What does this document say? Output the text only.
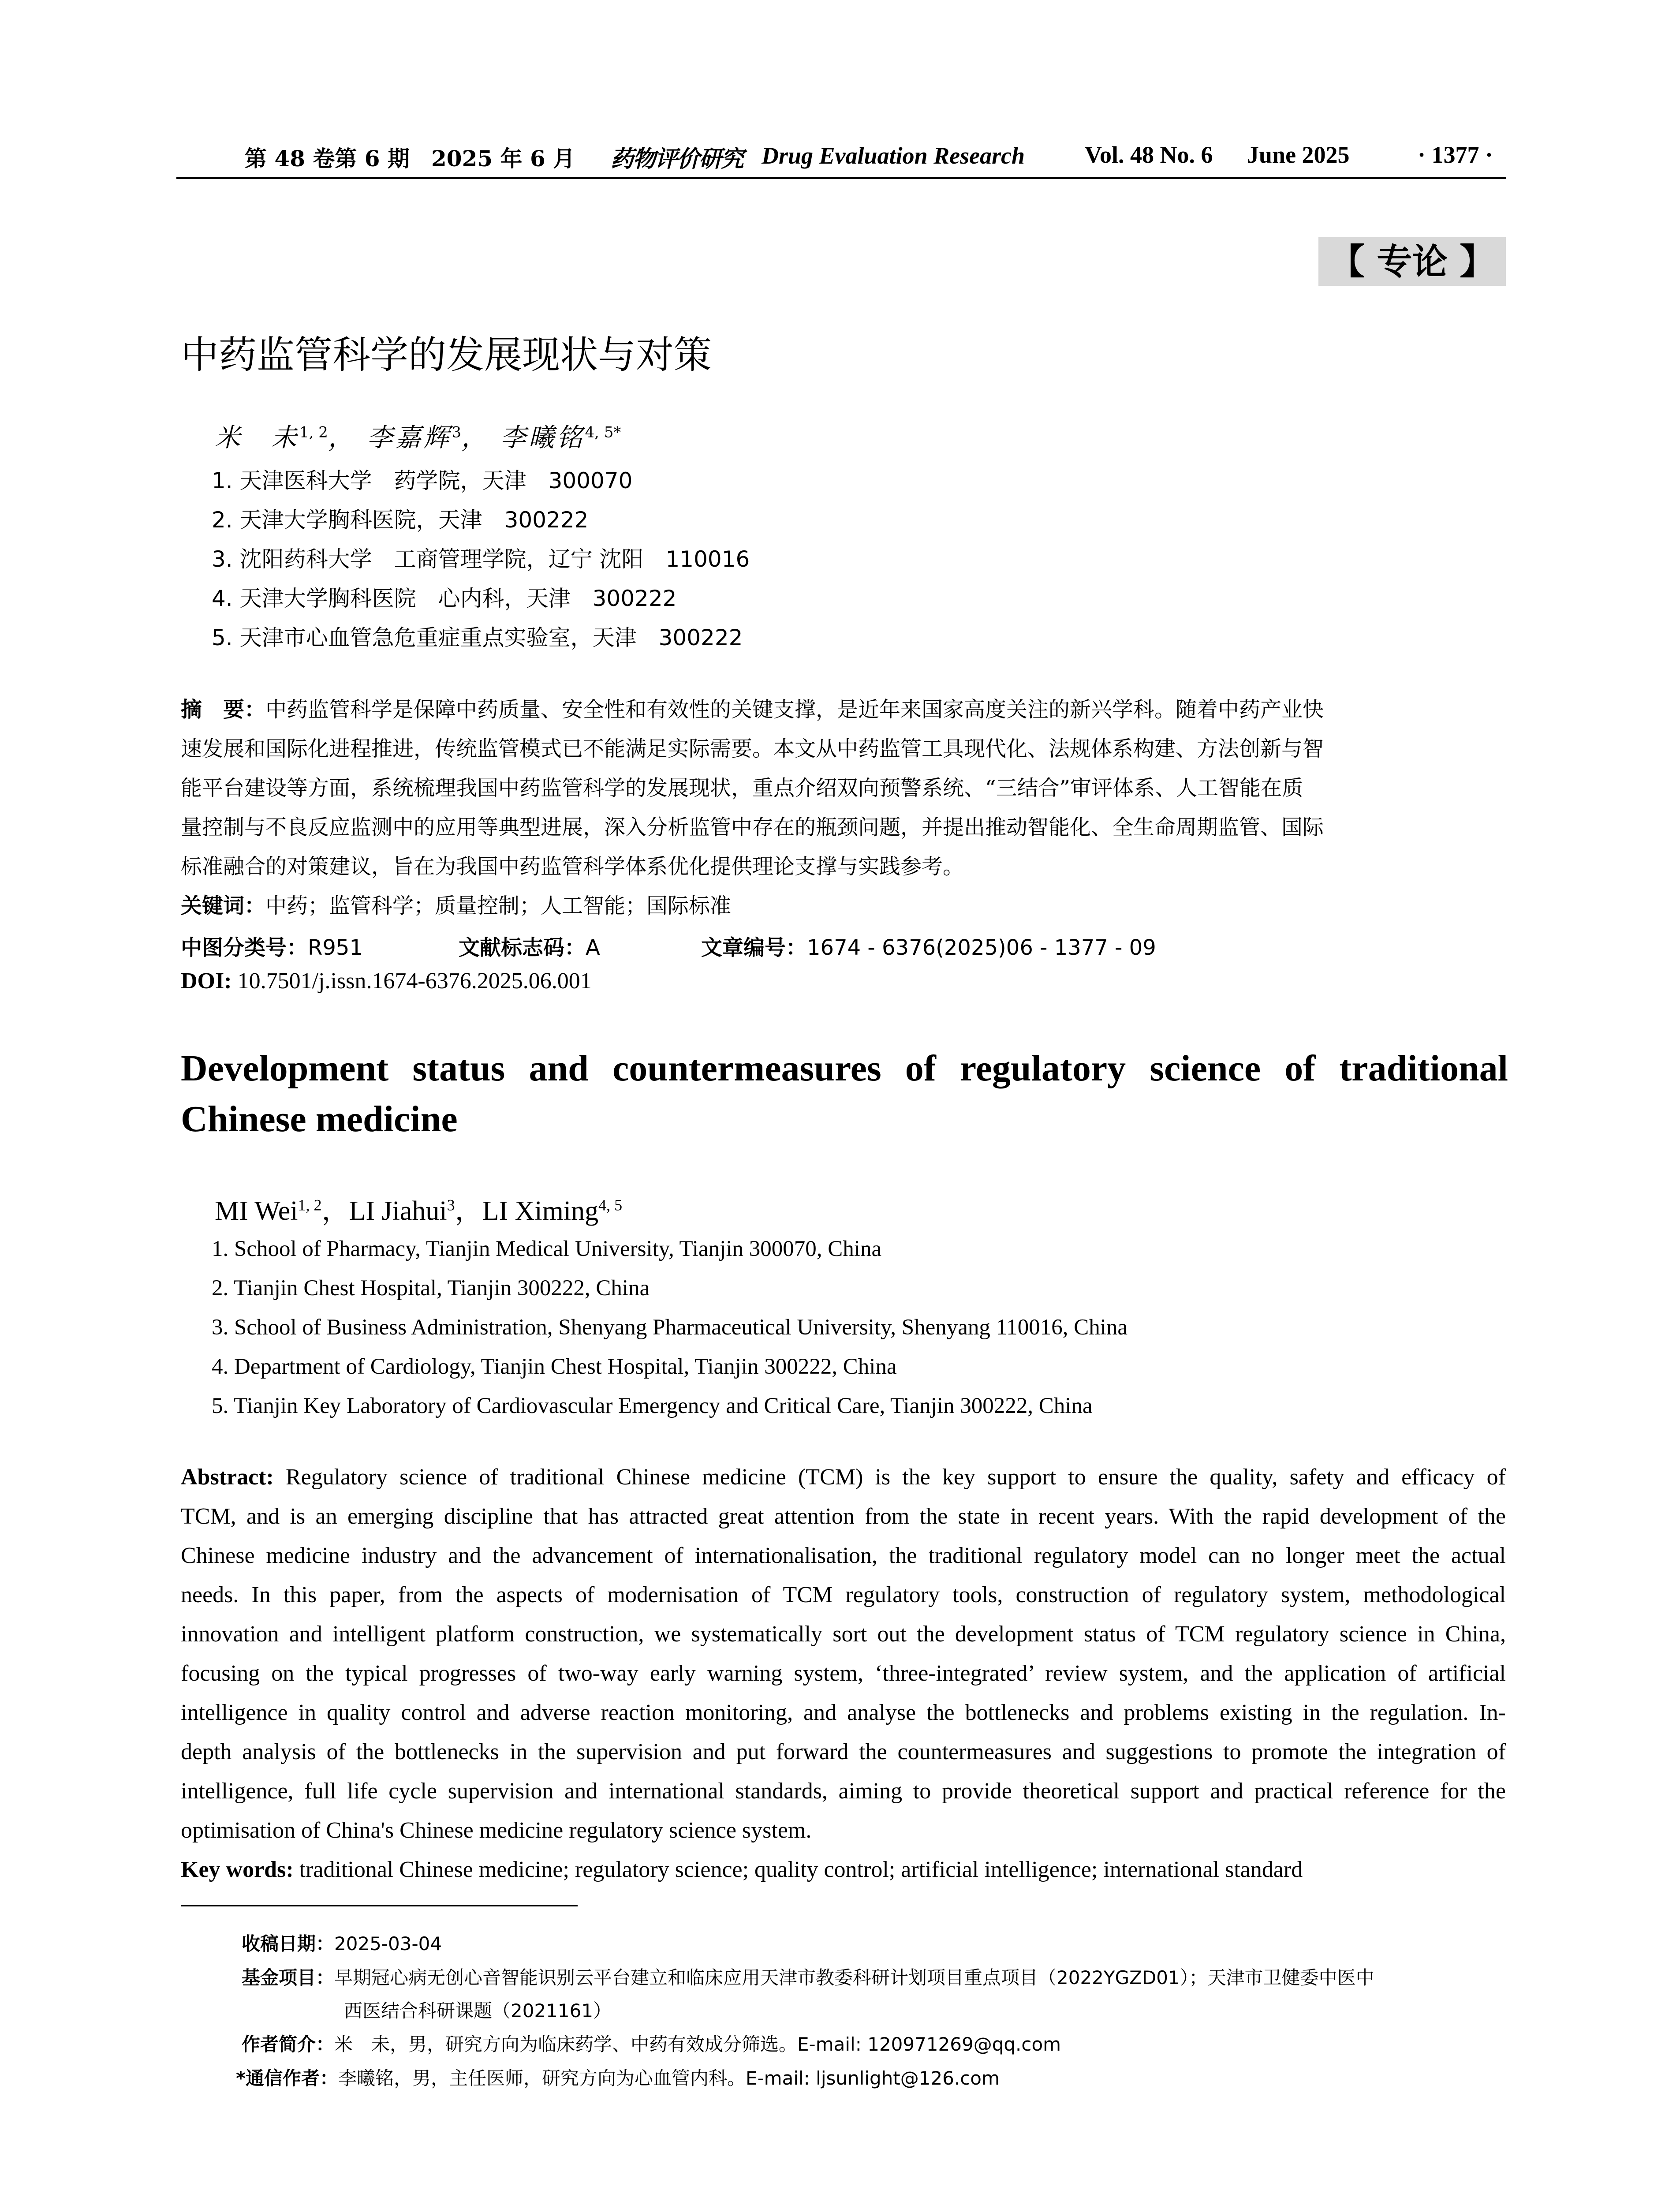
第 48 卷第 6 期 2025 年 6 月 药物评价研究 Drug Evaluation Research	Vol. 48 No. 6 June 2025	· 1377 ·
【 专论 】
中药监管科学的发展现状与对策
米　未$^{1, 2}$， 李嘉辉$^3$， 李曦铭$^{4, 5*}$
1. 天津医科大学　药学院，天津　300070
2. 天津大学胸科医院，天津　300222
3. 沈阳药科大学　工商管理学院，辽宁 沈阳　110016
4. 天津大学胸科医院　心内科，天津　300222
5. 天津市心血管急危重症重点实验室，天津　300222
摘　要：中药监管科学是保障中药质量、安全性和有效性的关键支撑，是近年来国家高度关注的新兴学科。随着中药产业快
速发展和国际化进程推进，传统监管模式已不能满足实际需要。本文从中药监管工具现代化、法规体系构建、方法创新与智
能平台建设等方面，系统梳理我国中药监管科学的发展现状，重点介绍双向预警系统、“三结合”审评体系、人工智能在质
量控制与不良反应监测中的应用等典型进展，深入分析监管中存在的瓶颈问题，并提出推动智能化、全生命周期监管、国际
标准融合的对策建议，旨在为我国中药监管科学体系优化提供理论支撑与实践参考。
关键词：中药；监管科学；质量控制；人工智能；国际标准
中图分类号：R951	文献标志码：A	文章编号：1674 - 6376(2025)06 - 1377 - 09
DOI: 10.7501/j.issn.1674-6376.2025.06.001
Development status and countermeasures of regulatory science of traditional
Chinese medicine
MI Wei$^{1, 2}$，LI Jiahui$^3$，LI Ximing$^{4, 5}$
1. School of Pharmacy, Tianjin Medical University, Tianjin 300070, China
2. Tianjin Chest Hospital, Tianjin 300222, China
3. School of Business Administration, Shenyang Pharmaceutical University, Shenyang 110016, China
4. Department of Cardiology, Tianjin Chest Hospital, Tianjin 300222, China
5. Tianjin Key Laboratory of Cardiovascular Emergency and Critical Care, Tianjin 300222, China
Abstract: Regulatory science of traditional Chinese medicine (TCM) is the key support to ensure the quality, safety and efficacy of
TCM, and is an emerging discipline that has attracted great attention from the state in recent years. With the rapid development of the
Chinese medicine industry and the advancement of internationalisation, the traditional regulatory model can no longer meet the actual
needs. In this paper, from the aspects of modernisation of TCM regulatory tools, construction of regulatory system, methodological
innovation and intelligent platform construction, we systematically sort out the development status of TCM regulatory science in China,
focusing on the typical progresses of two-way early warning system, ‘three-integrated’ review system, and the application of artificial
intelligence in quality control and adverse reaction monitoring, and analyse the bottlenecks and problems existing in the regulation. In-
depth analysis of the bottlenecks in the supervision and put forward the countermeasures and suggestions to promote the integration of
intelligence, full life cycle supervision and international standards, aiming to provide theoretical support and practical reference for the
optimisation of China's Chinese medicine regulatory science system.
Key words: traditional Chinese medicine; regulatory science; quality control; artificial intelligence; international standard
收稿日期：2025-03-04
基金项目：早期冠心病无创心音智能识别云平台建立和临床应用天津市教委科研计划项目重点项目（2022YGZD01）；天津市卫健委中医中
西医结合科研课题（2021161）
作者简介：米　未，男，研究方向为临床药学、中药有效成分筛选。E-mail: 120971269@qq.com
*通信作者：李曦铭，男，主任医师，研究方向为心血管内科。E-mail: ljsunlight@126.com
